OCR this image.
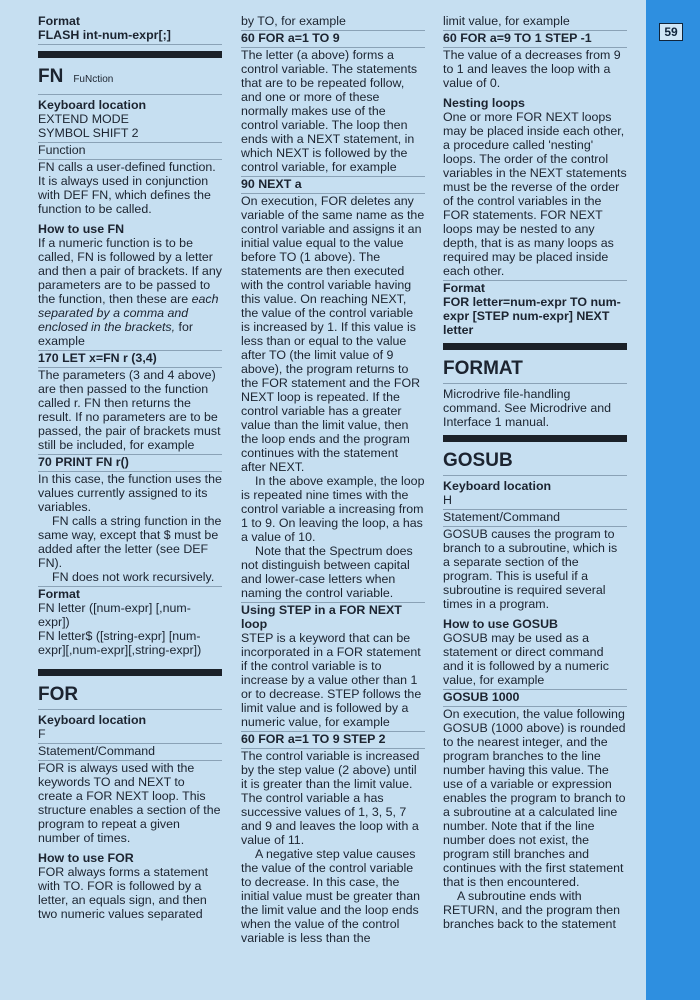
59

Format

FLASH int-num-expr[;]

FN FuNction

Keyboard location

EXTEND MODE

SYMBOL SHIFT 2

Function

FN calls a user-defined function. It is always used in conjunction with DEF FN, which defines the function to be called.

How to use FN

If a numeric function is to be called, FN is followed by a letter and then a pair of brackets. If any parameters are to be passed to the function, then these are each separated by a comma and enclosed in the brackets, for example

170 LET x=FN r (3,4)

The parameters (3 and 4 above) are then passed to the function called r. FN then returns the result. If no parameters are to be passed, the pair of brackets must still be included, for example

70 PRINT FN r()

In this case, the function uses the values currently assigned to its variables.

FN calls a string function in the same way, except that $ must be added after the letter (see DEF FN).

FN does not work recursively.

Format

FN letter ([num-expr] [,num-expr])

FN letter$ ([string-expr] [num-expr][,num-expr][,string-expr])

FOR

Keyboard location

F

Statement/Command

FOR is always used with the keywords TO and NEXT to create a FOR NEXT loop. This structure enables a section of the program to repeat a given number of times.

How to use FOR

FOR always forms a statement with TO. FOR is followed by a letter, an equals sign, and then two numeric values separated

by TO, for example

60 FOR a=1 TO 9

The letter (a above) forms a control variable. The statements that are to be repeated follow, and one or more of these normally makes use of the control variable. The loop then ends with a NEXT statement, in which NEXT is followed by the control variable, for example

90 NEXT a

On execution, FOR deletes any variable of the same name as the control variable and assigns it an initial value equal to the value before TO (1 above). The statements are then executed with the control variable having this value. On reaching NEXT, the value of the control variable is increased by 1. If this value is less than or equal to the value after TO (the limit value of 9 above), the program returns to the FOR statement and the FOR NEXT loop is repeated. If the control variable has a greater value than the limit value, then the loop ends and the program continues with the statement after NEXT.

In the above example, the loop is repeated nine times with the control variable a increasing from 1 to 9. On leaving the loop, a has a value of 10.

Note that the Spectrum does not distinguish between capital and lower-case letters when naming the control variable.

Using STEP in a FOR NEXT loop

STEP is a keyword that can be incorporated in a FOR statement if the control variable is to increase by a value other than 1 or to decrease. STEP follows the limit value and is followed by a numeric value, for example

60 FOR a=1 TO 9 STEP 2

The control variable is increased by the step value (2 above) until it is greater than the limit value. The control variable a has successive values of 1, 3, 5, 7 and 9 and leaves the loop with a value of 11.

A negative step value causes the value of the control variable to decrease. In this case, the initial value must be greater than the limit value and the loop ends when the value of the control variable is less than the

limit value, for example

60 FOR a=9 TO 1 STEP -1

The value of a decreases from 9 to 1 and leaves the loop with a value of 0.

Nesting loops

One or more FOR NEXT loops may be placed inside each other, a procedure called 'nesting' loops. The order of the control variables in the NEXT statements must be the reverse of the order of the control variables in the FOR statements. FOR NEXT loops may be nested to any depth, that is as many loops as required may be placed inside each other.

Format

FOR letter=num-expr TO num-expr [STEP num-expr] NEXT letter

FORMAT

Microdrive file-handling command. See Microdrive and Interface 1 manual.

GOSUB

Keyboard location

H

Statement/Command

GOSUB causes the program to branch to a subroutine, which is a separate section of the program. This is useful if a subroutine is required several times in a program.

How to use GOSUB

GOSUB may be used as a statement or direct command and it is followed by a numeric value, for example

GOSUB 1000

On execution, the value following GOSUB (1000 above) is rounded to the nearest integer, and the program branches to the line number having this value. The use of a variable or expression enables the program to branch to a subroutine at a calculated line number. Note that if the line number does not exist, the program still branches and continues with the first statement that is then encountered.

A subroutine ends with RETURN, and the program then branches back to the statement
